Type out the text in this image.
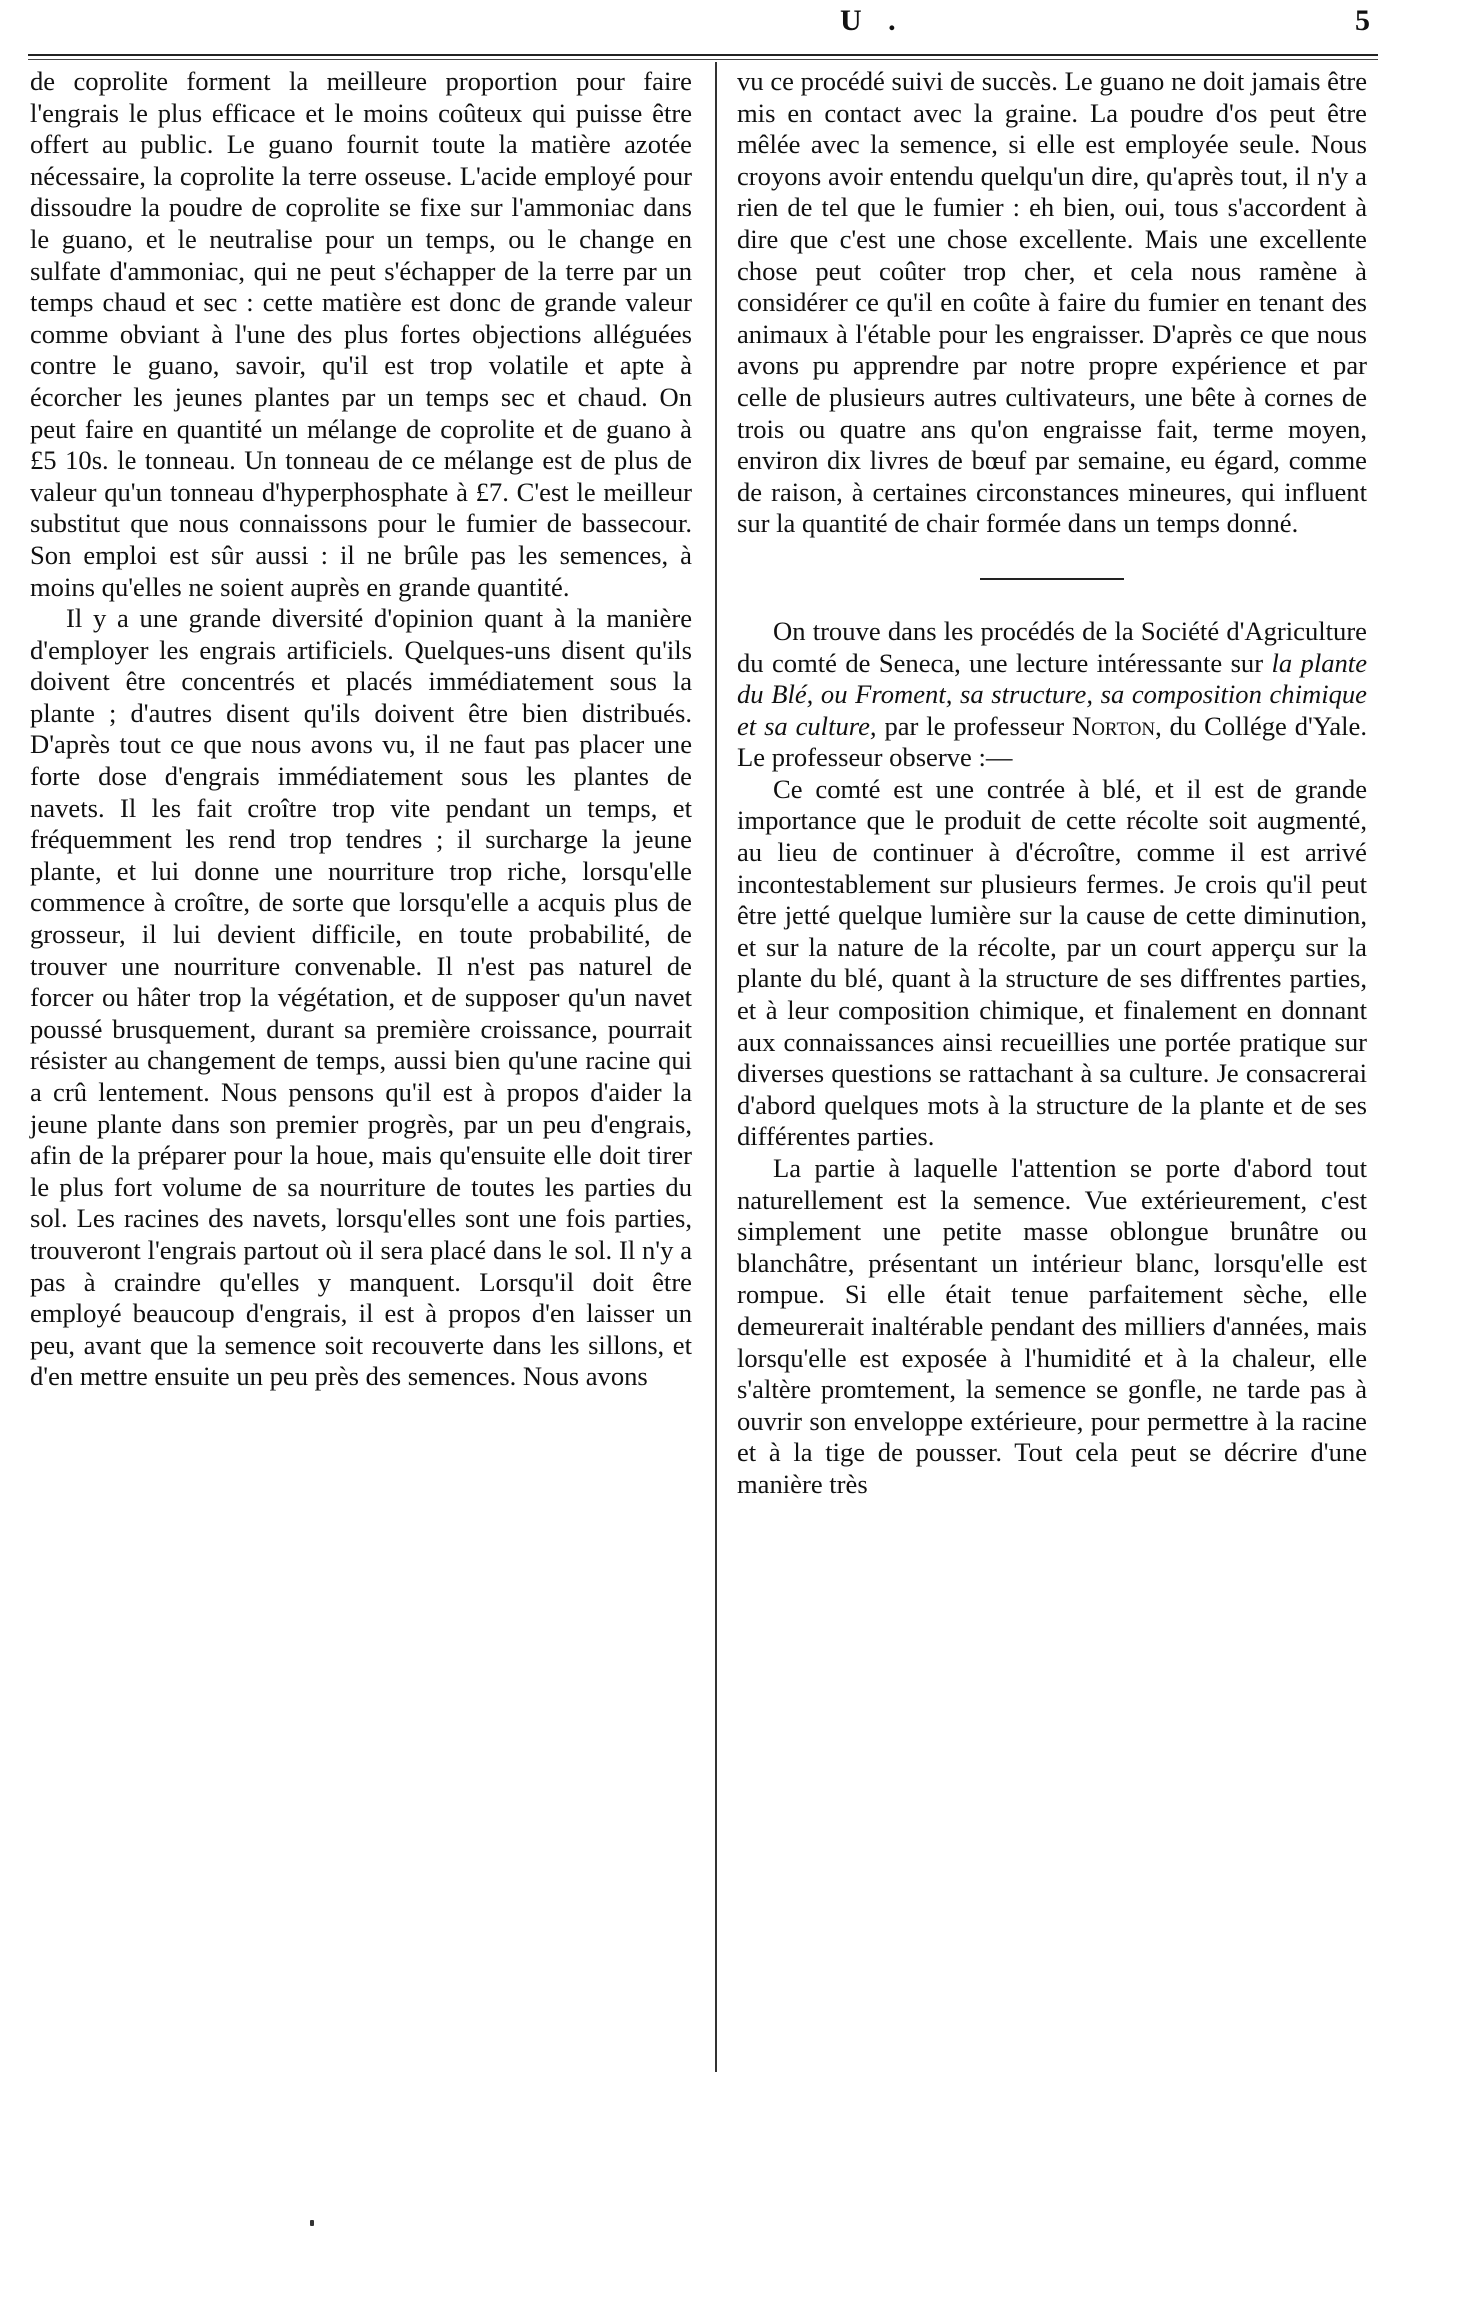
U .	5

de coprolite forment la meilleure proportion pour faire l'engrais le plus efficace et le moins coûteux qui puisse être offert au public. Le guano fournit toute la matière azotée nécessaire, la coprolite la terre osseuse. L'acide employé pour dissoudre la poudre de coprolite se fixe sur l'ammoniac dans le guano, et le neutralise pour un temps, ou le change en sulfate d'ammoniac, qui ne peut s'échapper de la terre par un temps chaud et sec : cette matière est donc de grande valeur comme obviant à l'une des plus fortes objections alléguées contre le guano, savoir, qu'il est trop volatile et apte à écorcher les jeunes plantes par un temps sec et chaud. On peut faire en quantité un mélange de coprolite et de guano à £5 10s. le tonneau. Un tonneau de ce mélange est de plus de valeur qu'un tonneau d'hyperphosphate à £7. C'est le meilleur substitut que nous connaissons pour le fumier de bassecour. Son emploi est sûr aussi : il ne brûle pas les semences, à moins qu'elles ne soient auprès en grande quantité.

Il y a une grande diversité d'opinion quant à la manière d'employer les engrais artificiels. Quelques-uns disent qu'ils doivent être concentrés et placés immédiatement sous la plante ; d'autres disent qu'ils doivent être bien distribués. D'après tout ce que nous avons vu, il ne faut pas placer une forte dose d'engrais immédiatement sous les plantes de navets. Il les fait croître trop vite pendant un temps, et fréquemment les rend trop tendres ; il surcharge la jeune plante, et lui donne une nourriture trop riche, lorsqu'elle commence à croître, de sorte que lorsqu'elle a acquis plus de grosseur, il lui devient difficile, en toute probabilité, de trouver une nourriture convenable. Il n'est pas naturel de forcer ou hâter trop la végétation, et de supposer qu'un navet poussé brusquement, durant sa première croissance, pourrait résister au changement de temps, aussi bien qu'une racine qui a crû lentement. Nous pensons qu'il est à propos d'aider la jeune plante dans son premier progrès, par un peu d'engrais, afin de la préparer pour la houe, mais qu'ensuite elle doit tirer le plus fort volume de sa nourriture de toutes les parties du sol. Les racines des navets, lorsqu'elles sont une fois parties, trouveront l'engrais partout où il sera placé dans le sol. Il n'y a pas à craindre qu'elles y manquent. Lorsqu'il doit être employé beaucoup d'engrais, il est à propos d'en laisser un peu, avant que la semence soit recouverte dans les sillons, et d'en mettre ensuite un peu près des semences. Nous avons

vu ce procédé suivi de succès. Le guano ne doit jamais être mis en contact avec la graine. La poudre d'os peut être mêlée avec la semence, si elle est employée seule. Nous croyons avoir entendu quelqu'un dire, qu'après tout, il n'y a rien de tel que le fumier : eh bien, oui, tous s'accordent à dire que c'est une chose excellente. Mais une excellente chose peut coûter trop cher, et cela nous ramène à considérer ce qu'il en coûte à faire du fumier en tenant des animaux à l'étable pour les engraisser. D'après ce que nous avons pu apprendre par notre propre expérience et par celle de plusieurs autres cultivateurs, une bête à cornes de trois ou quatre ans qu'on engraisse fait, terme moyen, environ dix livres de bœuf par semaine, eu égard, comme de raison, à certaines circonstances mineures, qui influent sur la quantité de chair formée dans un temps donné.

On trouve dans les procédés de la Société d'Agriculture du comté de Seneca, une lecture intéressante sur la plante du Blé, ou Froment, sa structure, sa composition chimique et sa culture, par le professeur Norton, du Collége d'Yale. Le professeur observe :—

Ce comté est une contrée à blé, et il est de grande importance que le produit de cette récolte soit augmenté, au lieu de continuer à d'écroître, comme il est arrivé incontestablement sur plusieurs fermes. Je crois qu'il peut être jetté quelque lumière sur la cause de cette diminution, et sur la nature de la récolte, par un court apperçu sur la plante du blé, quant à la structure de ses diffrentes parties, et à leur composition chimique, et finalement en donnant aux connaissances ainsi recueillies une portée pratique sur diverses questions se rattachant à sa culture. Je consacrerai d'abord quelques mots à la structure de la plante et de ses différentes parties.

La partie à laquelle l'attention se porte d'abord tout naturellement est la semence. Vue extérieurement, c'est simplement une petite masse oblongue brunâtre ou blanchâtre, présentant un intérieur blanc, lorsqu'elle est rompue. Si elle était tenue parfaitement sèche, elle demeurerait inaltérable pendant des milliers d'années, mais lorsqu'elle est exposée à l'humidité et à la chaleur, elle s'altère promtement, la semence se gonfle, ne tarde pas à ouvrir son enveloppe extérieure, pour permettre à la racine et à la tige de pousser. Tout cela peut se décrire d'une manière très
